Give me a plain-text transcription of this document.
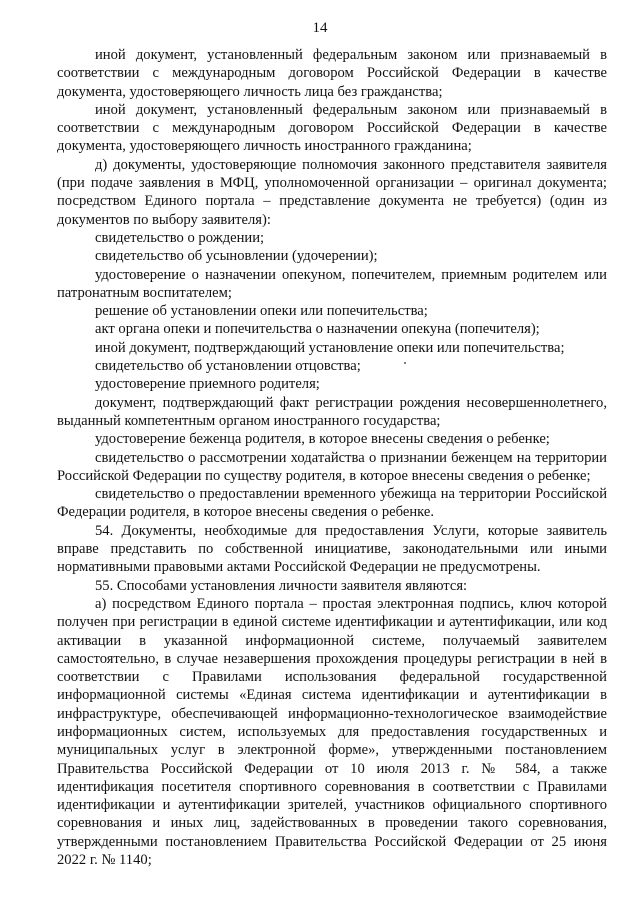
14

иной документ, установленный федеральным законом или признаваемый в соответствии с международным договором Российской Федерации в качестве документа, удостоверяющего личность лица без гражданства;

иной документ, установленный федеральным законом или признаваемый в соответствии с международным договором Российской Федерации в качестве документа, удостоверяющего личность иностранного гражданина;

д) документы, удостоверяющие полномочия законного представителя заявителя (при подаче заявления в МФЦ, уполномоченной организации – оригинал документа; посредством Единого портала – представление документа не требуется) (один из документов по выбору заявителя):

свидетельство о рождении;

свидетельство об усыновлении (удочерении);

удостоверение о назначении опекуном, попечителем, приемным родителем или патронатным воспитателем;

решение об установлении опеки или попечительства;

акт органа опеки и попечительства о назначении опекуна (попечителя);

иной документ, подтверждающий установление опеки или попечительства;

свидетельство об установлении отцовства;

удостоверение приемного родителя;

документ, подтверждающий факт регистрации рождения несовершеннолетнего, выданный компетентным органом иностранного государства;

удостоверение беженца родителя, в которое внесены сведения о ребенке;

свидетельство о рассмотрении ходатайства о признании беженцем на территории Российской Федерации по существу родителя, в которое внесены сведения о ребенке;

свидетельство о предоставлении временного убежища на территории Российской Федерации родителя, в которое внесены сведения о ребенке.

54. Документы, необходимые для предоставления Услуги, которые заявитель вправе представить по собственной инициативе, законодательными или иными нормативными правовыми актами Российской Федерации не предусмотрены.

55. Способами установления личности заявителя являются:

а) посредством Единого портала – простая электронная подпись, ключ которой получен при регистрации в единой системе идентификации и аутентификации, или код активации в указанной информационной системе, получаемый заявителем самостоятельно, в случае незавершения прохождения процедуры регистрации в ней в соответствии с Правилами использования федеральной государственной информационной системы «Единая система идентификации и аутентификации в инфраструктуре, обеспечивающей информационно-технологическое взаимодействие информационных систем, используемых для предоставления государственных и муниципальных услуг в электронной форме», утвержденными постановлением Правительства Российской Федерации от 10 июля 2013 г. № 584, а также идентификация посетителя спортивного соревнования в соответствии с Правилами идентификации и аутентификации зрителей, участников официального спортивного соревнования и иных лиц, задействованных в проведении такого соревнования, утвержденными постановлением Правительства Российской Федерации от 25 июня 2022 г. № 1140;
